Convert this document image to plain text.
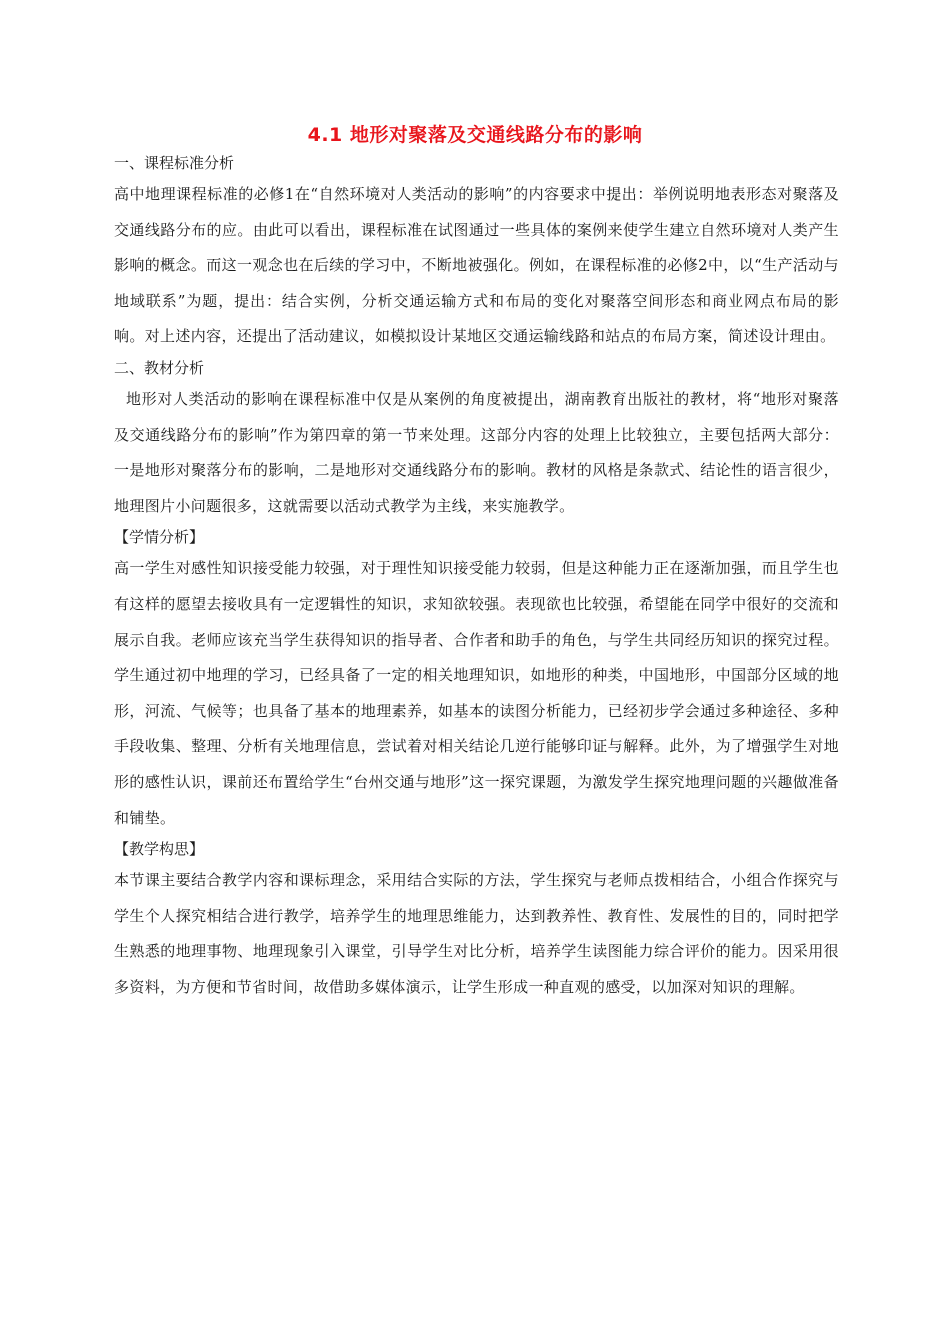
4.1 地形对聚落及交通线路分布的影响
一、课程标准分析

高中地理课程标准的必修1在“自然环境对人类活动的影响”的内容要求中提出：举例说明地表形态对聚落及交通线路分布的应。由此可以看出，课程标准在试图通过一些具体的案例来使学生建立自然环境对人类产生影响的概念。而这一观念也在后续的学习中，不断地被强化。例如，在课程标准的必修2中，以“生产活动与地域联系”为题，提出：结合实例，分析交通运输方式和布局的变化对聚落空间形态和商业网点布局的影响。对上述内容，还提出了活动建议，如模拟设计某地区交通运输线路和站点的布局方案，简述设计理由。

二、教材分析

地形对人类活动的影响在课程标准中仅是从案例的角度被提出，湖南教育出版社的教材，将“地形对聚落及交通线路分布的影响”作为第四章的第一节来处理。这部分内容的处理上比较独立，主要包括两大部分：一是地形对聚落分布的影响，二是地形对交通线路分布的影响。教材的风格是条款式、结论性的语言很少，地理图片小问题很多，这就需要以活动式教学为主线，来实施教学。

【学情分析】

高一学生对感性知识接受能力较强，对于理性知识接受能力较弱，但是这种能力正在逐渐加强，而且学生也有这样的愿望去接收具有一定逻辑性的知识，求知欲较强。表现欲也比较强，希望能在同学中很好的交流和展示自我。老师应该充当学生获得知识的指导者、合作者和助手的角色，与学生共同经历知识的探究过程。学生通过初中地理的学习，已经具备了一定的相关地理知识，如地形的种类，中国地形，中国部分区域的地形，河流、气候等；也具备了基本的地理素养，如基本的读图分析能力，已经初步学会通过多种途径、多种手段收集、整理、分析有关地理信息，尝试着对相关结论几逆行能够印证与解释。此外，为了增强学生对地形的感性认识，课前还布置给学生“台州交通与地形”这一探究课题，为激发学生探究地理问题的兴趣做准备和铺垫。

【教学构思】

本节课主要结合教学内容和课标理念，采用结合实际的方法，学生探究与老师点拨相结合，小组合作探究与学生个人探究相结合进行教学，培养学生的地理思维能力，达到教养性、教育性、发展性的目的，同时把学生熟悉的地理事物、地理现象引入课堂，引导学生对比分析，培养学生读图能力综合评价的能力。因采用很多资料，为方便和节省时间，故借助多媒体演示，让学生形成一种直观的感受，以加深对知识的理解。
